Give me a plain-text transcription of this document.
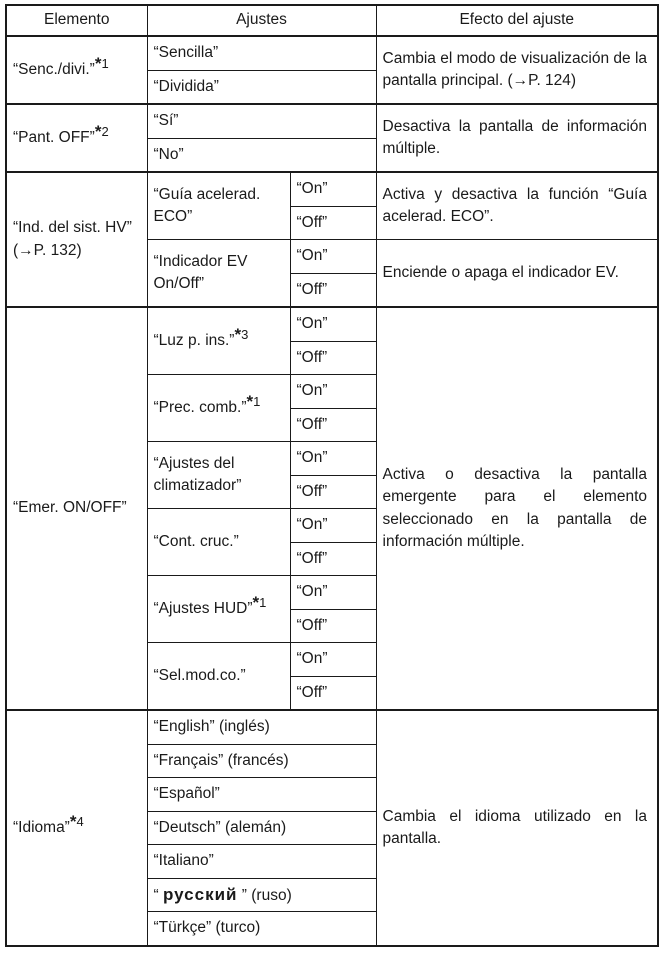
Elemento	Ajustes		Efecto del ajuste
“Senc./divi.”$^{*1}$	“Sencilla”		Cambia el modo de visualización de la pantalla principal. (→P. 124)
	“Dividida”		
“Pant. OFF”$^{*2}$	“Sí”		Desactiva la pantalla de información múltiple.
	“No”		
“Ind. del sist. HV” (→P. 132)	“Guía acelerad. ECO”	“On”	Activa y desactiva la función “Guía acelerad. ECO”.
		“Off”	
	“Indicador EV On/Off”	“On”	Enciende o apaga el indicador EV.
		“Off”	
“Emer. ON/OFF”	“Luz p. ins.”$^{*3}$	“On”	Activa o desactiva la pantalla emergente para el elemento seleccionado en la pantalla de información múltiple.
		“Off”	
	“Prec. comb.”$^{*1}$	“On”	
		“Off”	
	“Ajustes del climatizador”	“On”	
		“Off”	
	“Cont. cruc.”	“On”	
		“Off”	
	“Ajustes HUD”$^{*1}$	“On”	
		“Off”	
	“Sel.mod.co.”	“On”	
		“Off”	
“Idioma”$^{*4}$	“English” (inglés)		Cambia el idioma utilizado en la pantalla.
	“Français” (francés)		
	“Español”		
	“Deutsch” (alemán)		
	“Italiano”		
	“ русский ” (ruso)		
	“Türkçe” (turco)		
